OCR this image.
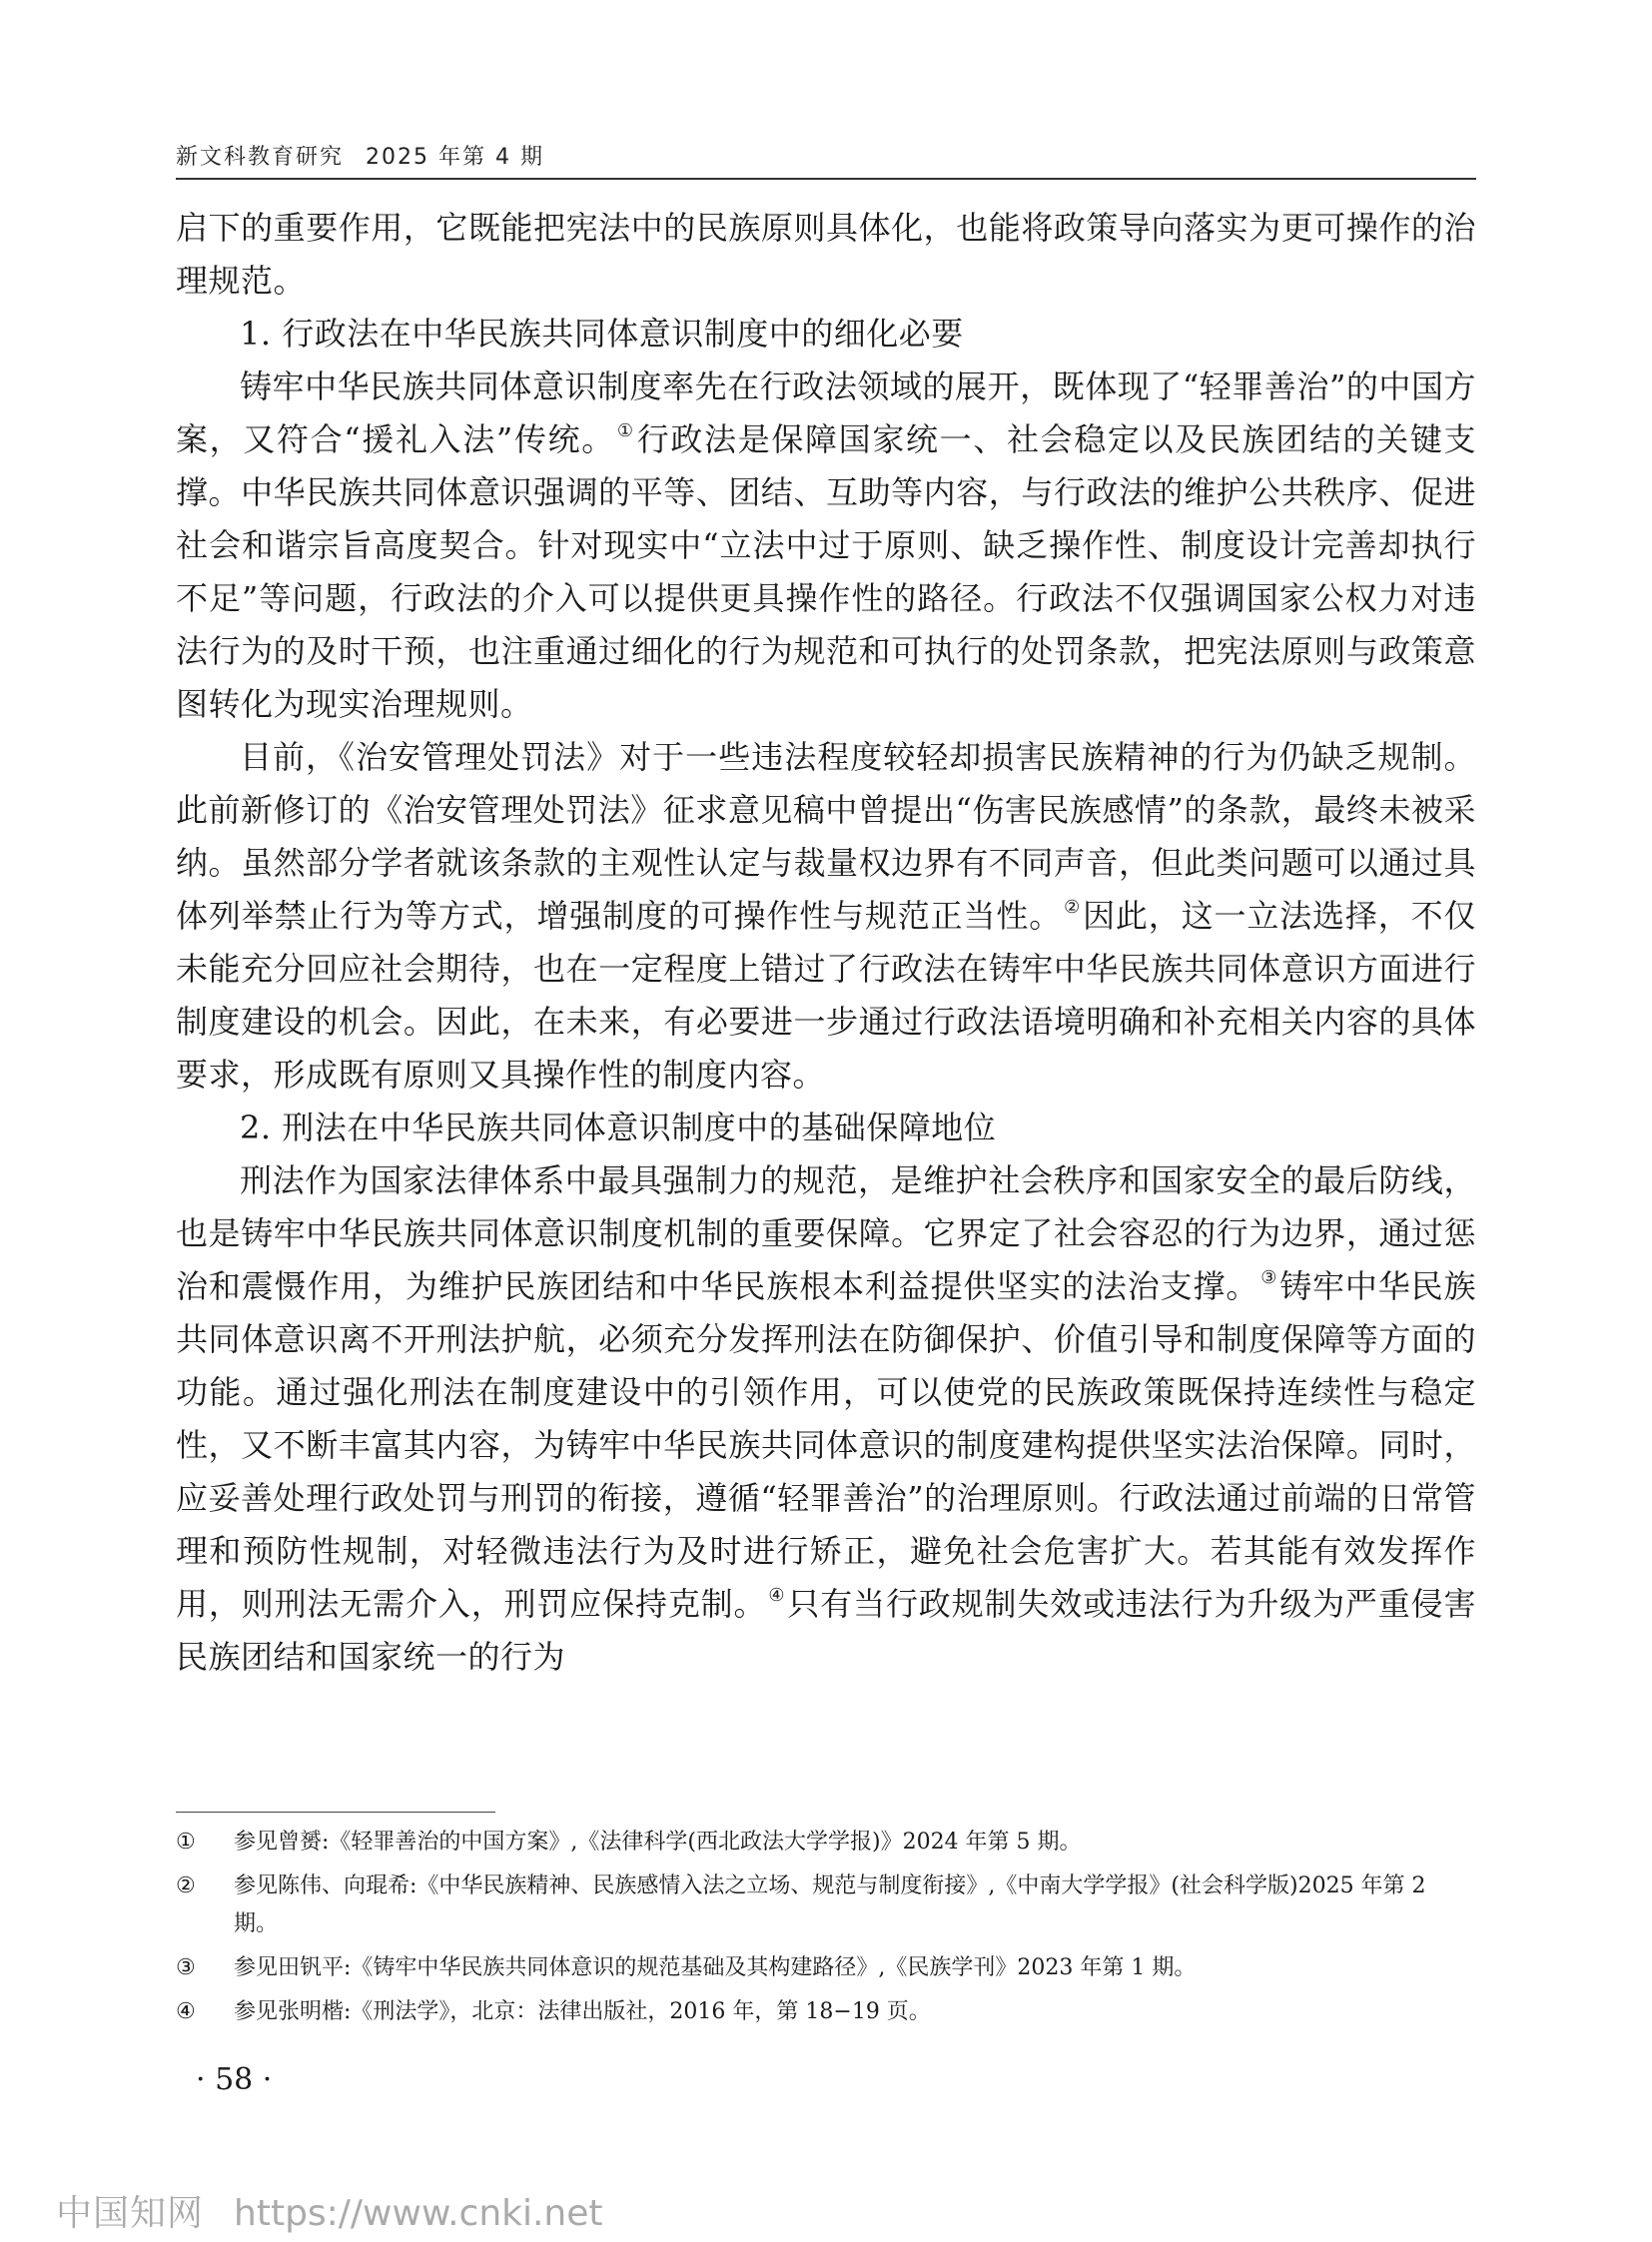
新文科教育研究 2025 年第 4 期

启下的重要作用，它既能把宪法中的民族原则具体化，也能将政策导向落实为更可操作的治理规范。

1. 行政法在中华民族共同体意识制度中的细化必要

铸牢中华民族共同体意识制度率先在行政法领域的展开，既体现了“轻罪善治”的中国方案，又符合“援礼入法”传统。 ①行政法是保障国家统一、社会稳定以及民族团结的关键支撑。中华民族共同体意识强调的平等、团结、互助等内容，与行政法的维护公共秩序、促进社会和谐宗旨高度契合。针对现实中“立法中过于原则、缺乏操作性、制度设计完善却执行不足”等问题，行政法的介入可以提供更具操作性的路径。行政法不仅强调国家公权力对违法行为的及时干预，也注重通过细化的行为规范和可执行的处罚条款，把宪法原则与政策意图转化为现实治理规则。

目前，《治安管理处罚法》对于一些违法程度较轻却损害民族精神的行为仍缺乏规制。此前新修订的《治安管理处罚法》征求意见稿中曾提出“伤害民族感情”的条款，最终未被采纳。虽然部分学者就该条款的主观性认定与裁量权边界有不同声音，但此类问题可以通过具体列举禁止行为等方式，增强制度的可操作性与规范正当性。 ②因此，这一立法选择，不仅未能充分回应社会期待，也在一定程度上错过了行政法在铸牢中华民族共同体意识方面进行制度建设的机会。因此，在未来，有必要进一步通过行政法语境明确和补充相关内容的具体要求，形成既有原则又具操作性的制度内容。

2. 刑法在中华民族共同体意识制度中的基础保障地位

刑法作为国家法律体系中最具强制力的规范，是维护社会秩序和国家安全的最后防线，也是铸牢中华民族共同体意识制度机制的重要保障。它界定了社会容忍的行为边界，通过惩治和震慑作用，为维护民族团结和中华民族根本利益提供坚实的法治支撑。 ③铸牢中华民族共同体意识离不开刑法护航，必须充分发挥刑法在防御保护、价值引导和制度保障等方面的功能。通过强化刑法在制度建设中的引领作用，可以使党的民族政策既保持连续性与稳定性，又不断丰富其内容，为铸牢中华民族共同体意识的制度建构提供坚实法治保障。同时，应妥善处理行政处罚与刑罚的衔接，遵循“轻罪善治”的治理原则。行政法通过前端的日常管理和预防性规制，对轻微违法行为及时进行矫正，避免社会危害扩大。若其能有效发挥作用，则刑法无需介入，刑罚应保持克制。 ④只有当行政规制失效或违法行为升级为严重侵害民族团结和国家统一的行为

①	参见曾赟:《轻罪善治的中国方案》,《法律科学(西北政法大学学报)》2024 年第 5 期。
②	参见陈伟、向琨希:《中华民族精神、民族感情入法之立场、规范与制度衔接》,《中南大学学报》(社会科学版)2025 年第 2 期。
③	参见田钒平:《铸牢中华民族共同体意识的规范基础及其构建路径》,《民族学刊》2023 年第 1 期。
④	参见张明楷:《刑法学》，北京：法律出版社，2016 年，第 18−19 页。
· 58 ·
中国知网 https://www.cnki.net
